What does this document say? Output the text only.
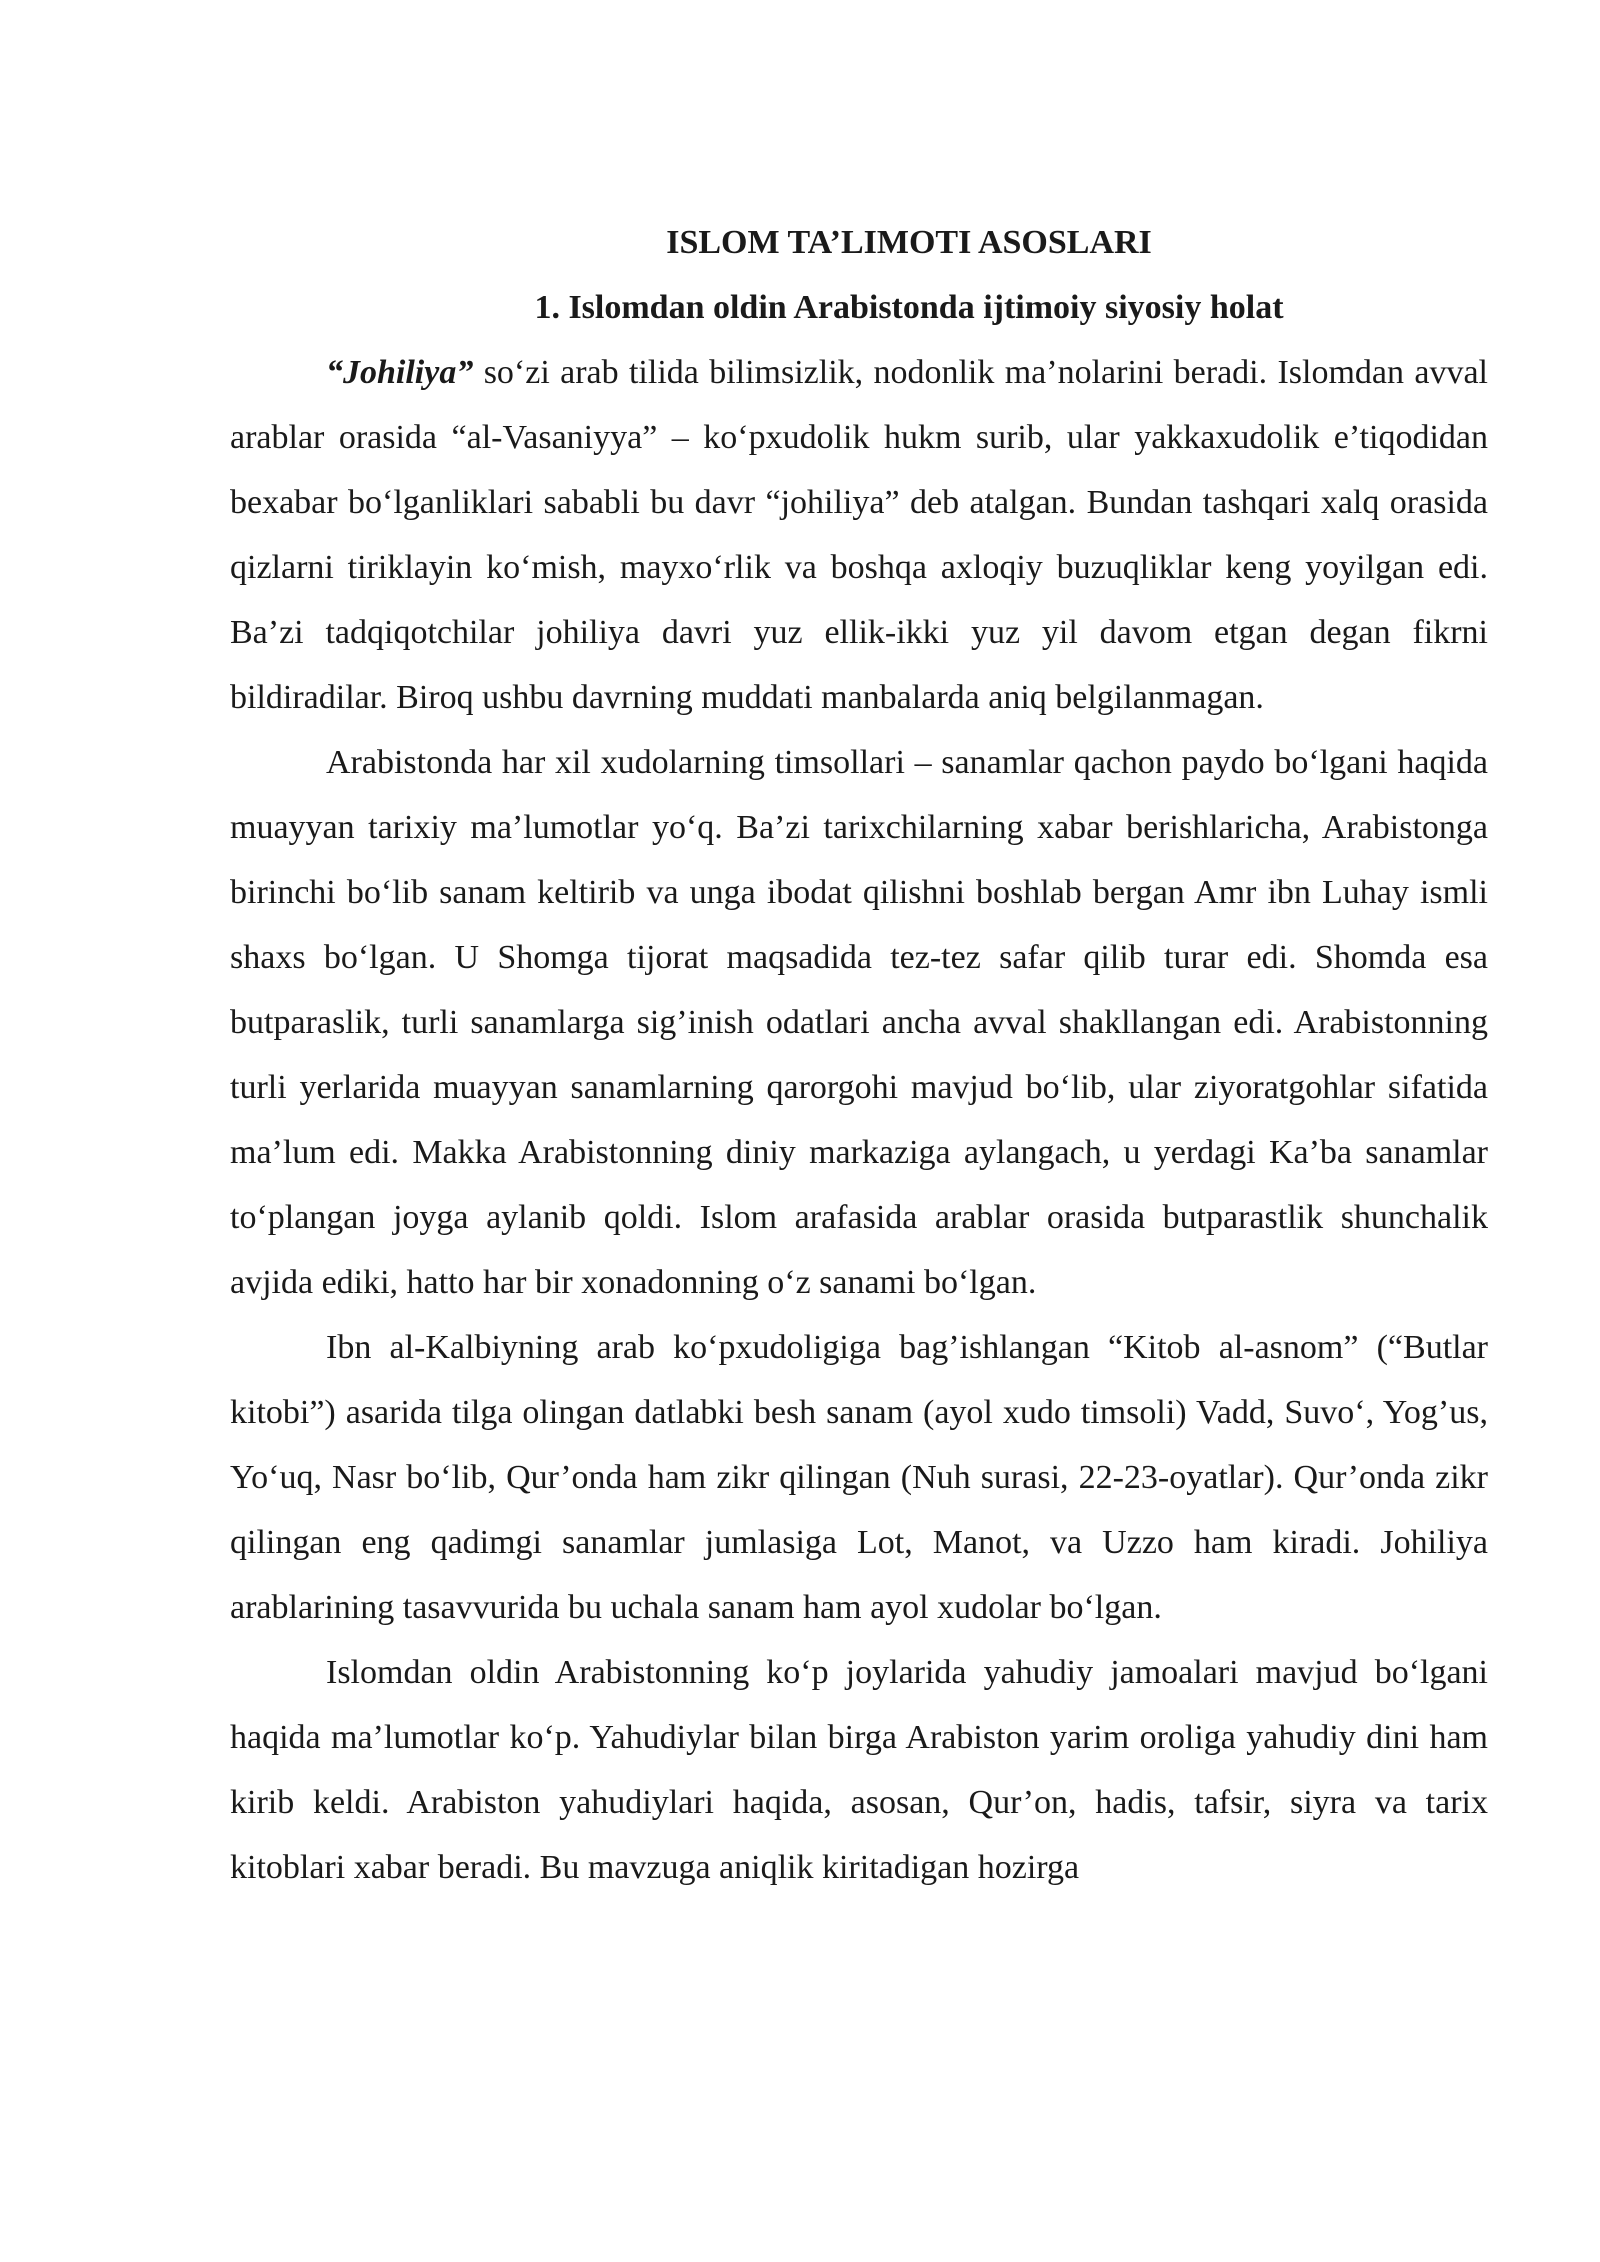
ISLOM TA’LIMOTI ASOSLARI
1. Islomdan oldin Arabistonda ijtimoiy siyosiy holat

“Johiliya” so‘zi arab tilida bilimsizlik, nodonlik ma’nolarini beradi. Islomdan avval arablar orasida “al-Vasaniyya” – ko‘pxudolik hukm surib, ular yakkaxudolik e’tiqodidan bexabar bo‘lganliklari sababli bu davr “johiliya” deb atalgan. Bundan tashqari xalq orasida qizlarni tiriklayin ko‘mish, mayxo‘rlik va boshqa axloqiy buzuqliklar keng yoyilgan edi. Ba’zi tadqiqotchilar johiliya davri yuz ellik-ikki yuz yil davom etgan degan fikrni bildiradilar. Biroq ushbu davrning muddati manbalarda aniq belgilanmagan.

Arabistonda har xil xudolarning timsollari – sanamlar qachon paydo bo‘lgani haqida muayyan tarixiy ma’lumotlar yo‘q. Ba’zi tarixchilarning xabar berishlaricha, Arabistonga birinchi bo‘lib sanam keltirib va unga ibodat qilishni boshlab bergan Amr ibn Luhay ismli shaxs bo‘lgan. U Shomga tijorat maqsadida tez-tez safar qilib turar edi. Shomda esa butparaslik, turli sanamlarga sig’inish odatlari ancha avval shakllangan edi. Arabistonning turli yerlarida muayyan sanamlarning qarorgohi mavjud bo‘lib, ular ziyoratgohlar sifatida ma’lum edi. Makka Arabistonning diniy markaziga aylangach, u yerdagi Ka’ba sanamlar to‘plangan joyga aylanib qoldi. Islom arafasida arablar orasida butparastlik shunchalik avjida ediki, hatto har bir xonadonning o‘z sanami bo‘lgan.

Ibn al-Kalbiyning arab ko‘pxudoligiga bag’ishlangan “Kitob al-asnom” (“Butlar kitobi”) asarida tilga olingan datlabki besh sanam (ayol xudo timsoli) Vadd, Suvo‘, Yog’us, Yo‘uq, Nasr bo‘lib, Qur’onda ham zikr qilingan (Nuh surasi, 22-23-oyatlar). Qur’onda zikr qilingan eng qadimgi sanamlar jumlasiga Lot, Manot, va Uzzo ham kiradi. Johiliya arablarining tasavvurida bu uchala sanam ham ayol xudolar bo‘lgan.

Islomdan oldin Arabistonning ko‘p joylarida yahudiy jamoalari mavjud bo‘lgani haqida ma’lumotlar ko‘p. Yahudiylar bilan birga Arabiston yarim oroliga yahudiy dini ham kirib keldi. Arabiston yahudiylari haqida, asosan, Qur’on, hadis, tafsir, siyra va tarix kitoblari xabar beradi. Bu mavzuga aniqlik kiritadigan hozirga
